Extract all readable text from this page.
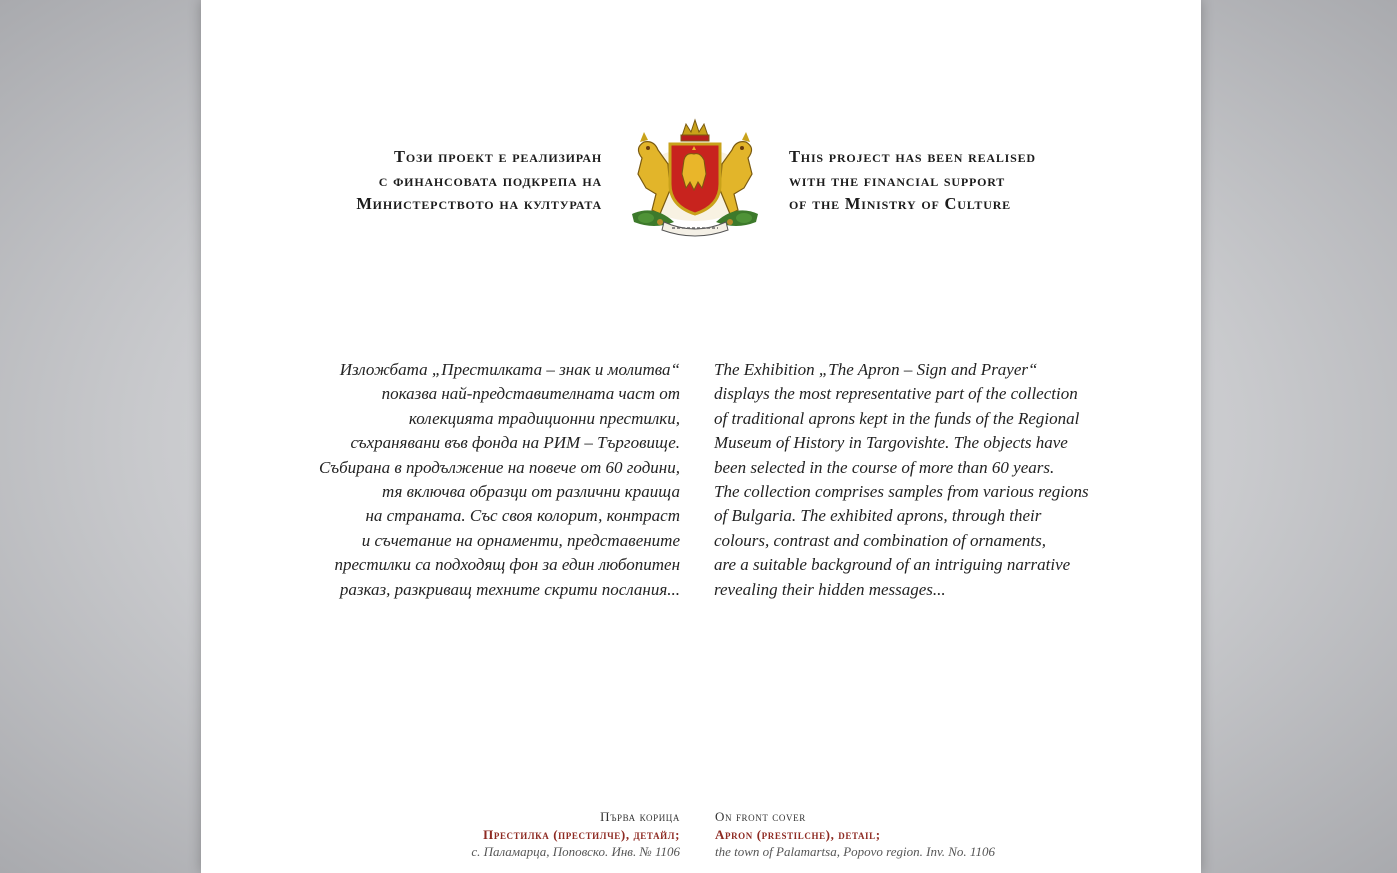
Този проект е реализиран
с финансовата подкрепа на
Министерството на културата
This project has been realised
with the financial support
of the Ministry of Culture
Изложбата „Престилката – знак и молитва“
показва най-представителната част от
колекцията традиционни престилки,
съхранявани във фонда на РИМ – Търговище.
Събирана в продължение на повече от 60 години,
тя включва образци от различни краища
на страната. Със своя колорит, контраст
и съчетание на орнаменти, представените
престилки са подходящ фон за един любопитен
разказ, разкриващ техните скрити послания...
The Exhibition „The Apron – Sign and Prayer“
displays the most representative part of the collection
of traditional aprons kept in the funds of the Regional
Museum of History in Targovishte. The objects have
been selected in the course of more than 60 years.
The collection comprises samples from various regions
of Bulgaria. The exhibited aprons, through their
colours, contrast and combination of ornaments,
are a suitable background of an intriguing narrative
revealing their hidden messages...
Първа корица
Престилка (престилче), детайл;
с. Паламарца, Поповско. Инв. № 1106
On front cover
Apron (prestilche), detail;
the town of Palamartsa, Popovo region. Inv. No. 1106
